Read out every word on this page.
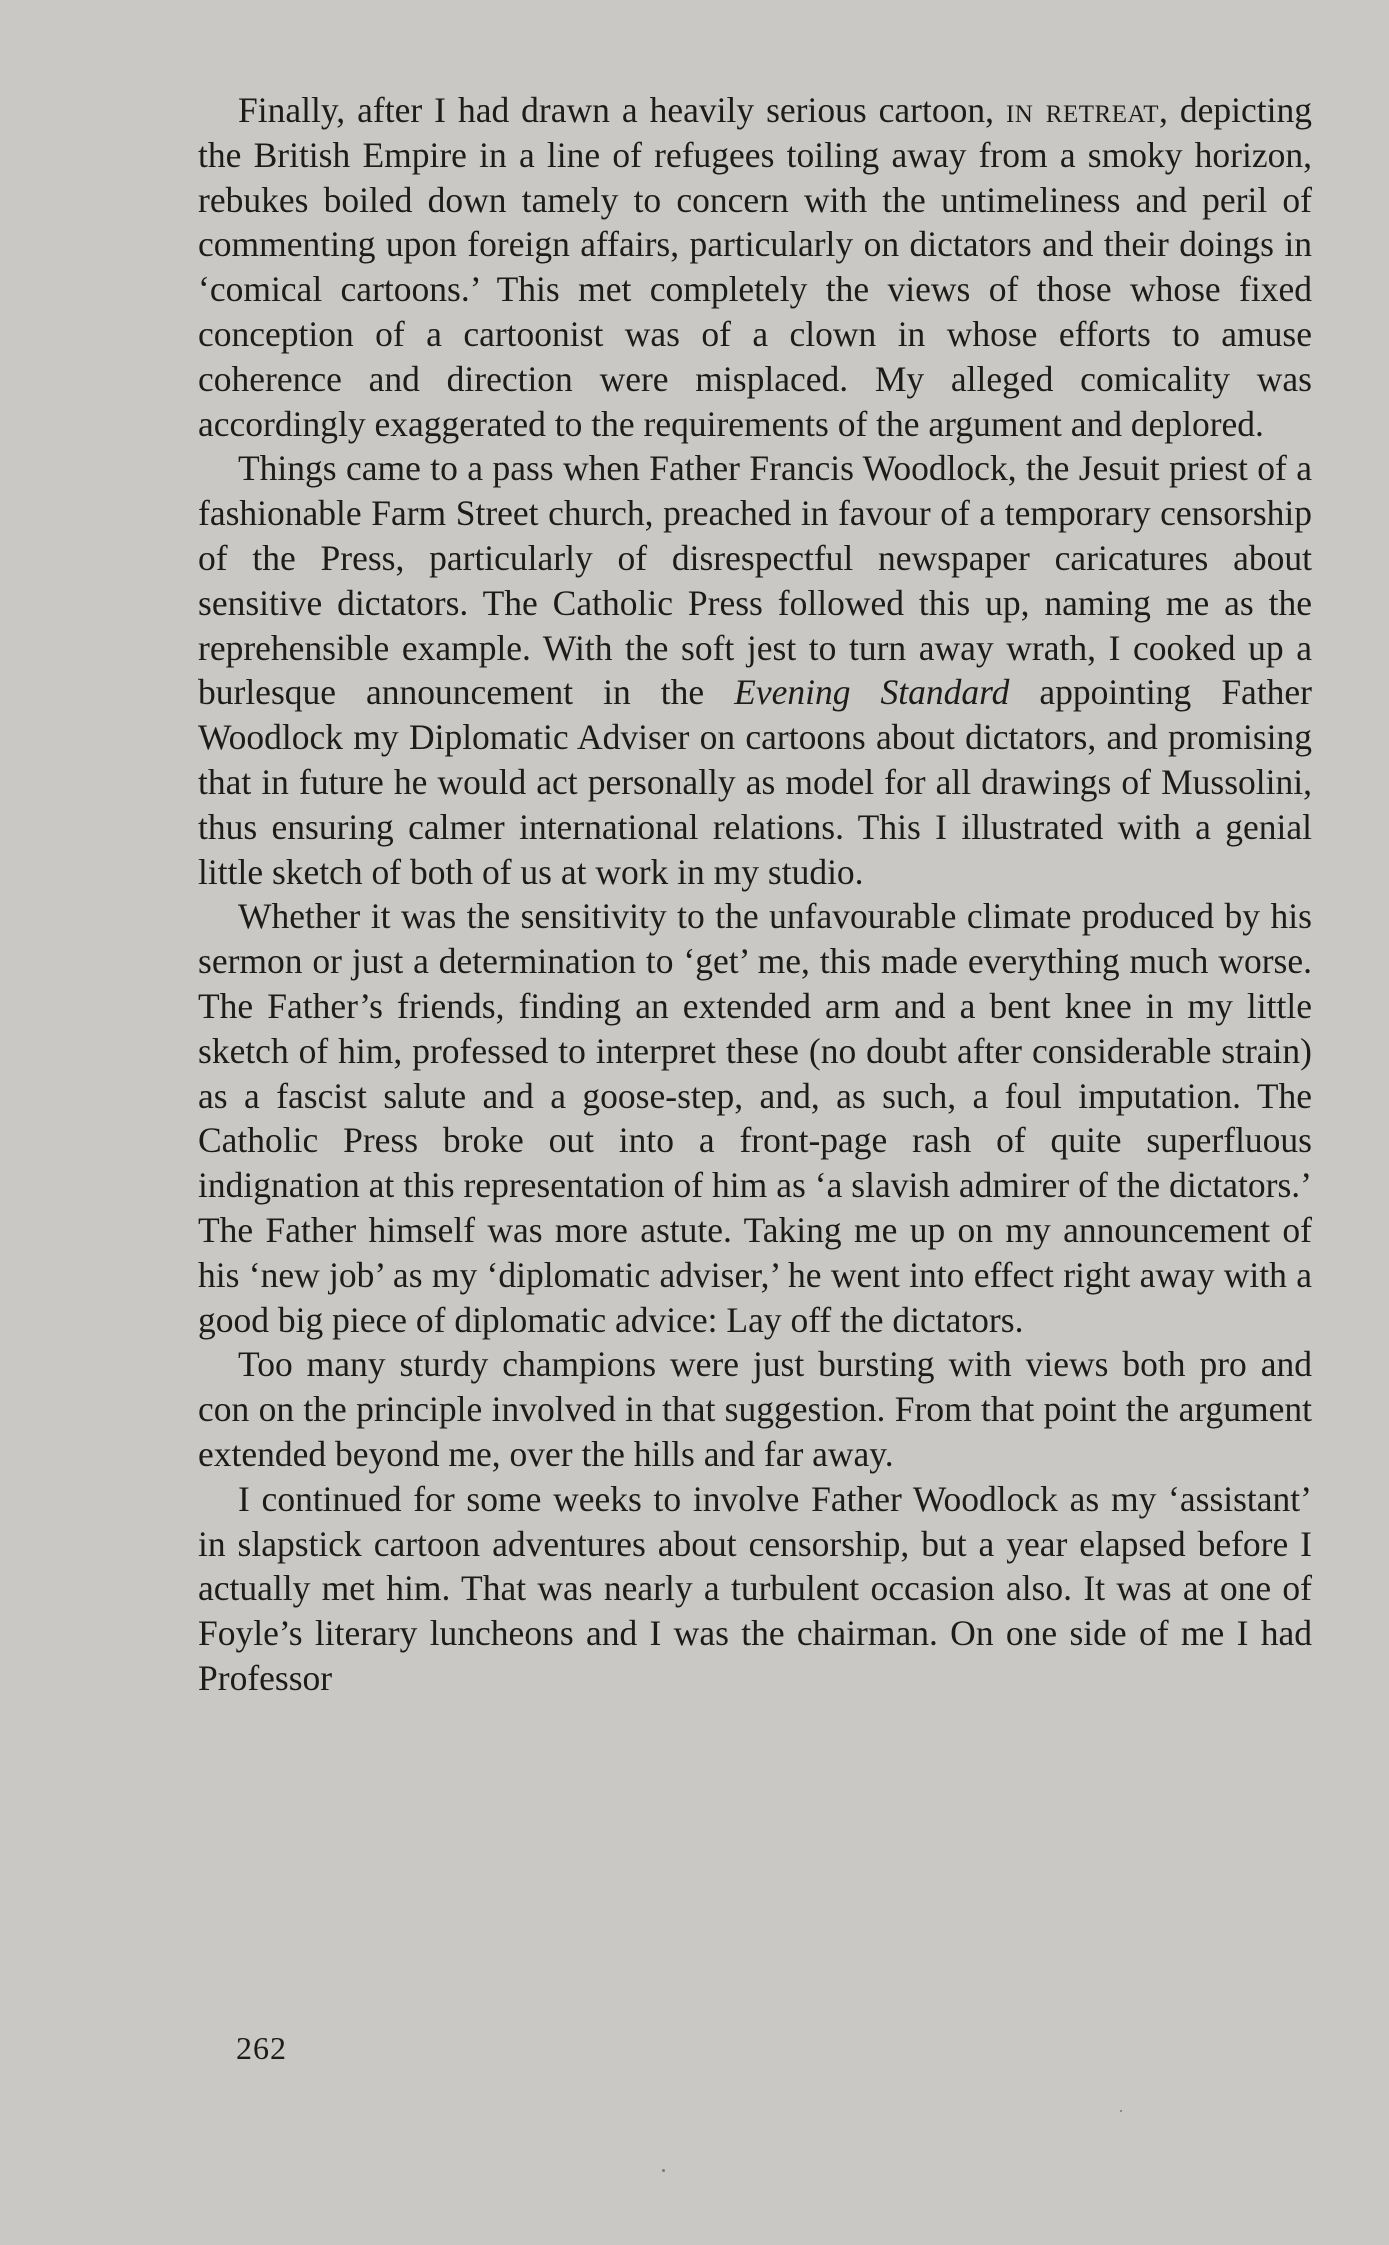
Finally, after I had drawn a heavily serious cartoon, in retreat, depicting the British Empire in a line of refugees toiling away from a smoky horizon, rebukes boiled down tamely to concern with the untimeliness and peril of commenting upon foreign affairs, particularly on dictators and their doings in ‘comical cartoons.’ This met completely the views of those whose fixed conception of a cartoonist was of a clown in whose efforts to amuse coherence and direction were misplaced. My alleged comicality was accordingly exaggerated to the requirements of the argument and deplored.

Things came to a pass when Father Francis Woodlock, the Jesuit priest of a fashionable Farm Street church, preached in favour of a temporary censorship of the Press, particularly of disrespectful newspaper caricatures about sensitive dictators. The Catholic Press followed this up, naming me as the reprehensible example. With the soft jest to turn away wrath, I cooked up a burlesque announcement in the Evening Standard appointing Father Woodlock my Diplomatic Adviser on cartoons about dictators, and promising that in future he would act personally as model for all drawings of Mussolini, thus ensuring calmer international relations. This I illustrated with a genial little sketch of both of us at work in my studio.

Whether it was the sensitivity to the unfavourable climate produced by his sermon or just a determination to ‘get’ me, this made everything much worse. The Father’s friends, finding an extended arm and a bent knee in my little sketch of him, professed to interpret these (no doubt after considerable strain) as a fascist salute and a goose-step, and, as such, a foul imputation. The Catholic Press broke out into a front-page rash of quite superfluous indignation at this representation of him as ‘a slavish admirer of the dictators.’ The Father himself was more astute. Taking me up on my announcement of his ‘new job’ as my ‘diplomatic adviser,’ he went into effect right away with a good big piece of diplomatic advice: Lay off the dictators.

Too many sturdy champions were just bursting with views both pro and con on the principle involved in that suggestion. From that point the argument extended beyond me, over the hills and far away.

I continued for some weeks to involve Father Woodlock as my ‘assistant’ in slapstick cartoon adventures about censorship, but a year elapsed before I actually met him. That was nearly a turbulent occasion also. It was at one of Foyle’s literary luncheons and I was the chairman. On one side of me I had Professor

262
